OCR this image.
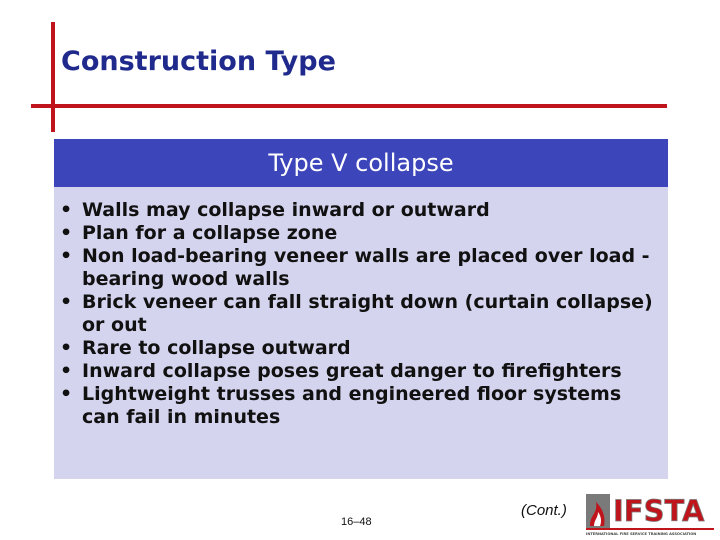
Construction Type
Type V collapse
• Walls may collapse inward or outward
• Plan for a collapse zone
• Non load-bearing veneer walls are placed over load -bearing wood walls
• Brick veneer can fall straight down (curtain collapse) or out
• Rare to collapse outward
• Inward collapse poses great danger to firefighters
• Lightweight trusses and engineered floor systems can fail in minutes
16–48
(Cont.) IFSTA
INTERNATIONAL FIRE SERVICE TRAINING ASSOCIATION
